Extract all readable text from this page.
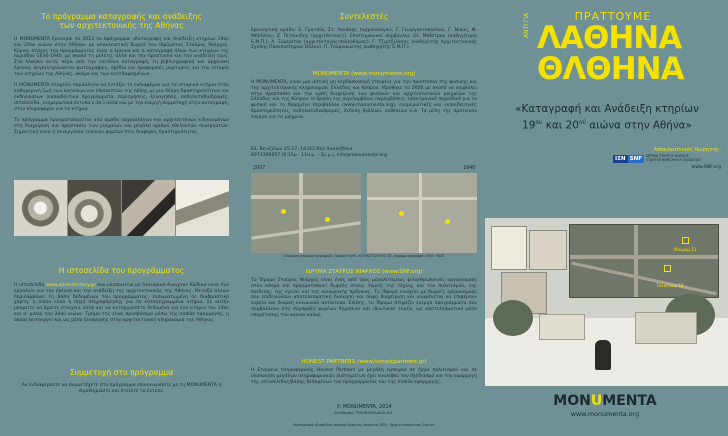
Το πρόγραμμα καταγραφής και ανάδειξης
των αρχιτεκτονικής της Αθήνας

Η MONUMENTA ξεκίνησε το 2013 το πρόγραμμα «Καταγραφή και Ανάδειξη κτηρίων 19ου και 20ου αιώνα στην Αθήνα» με αποκλειστική δωρεά του Ιδρύματος Σταύρος Νιάρχος. Κύριος στόχος του προγράμματος είναι η έρευνα και η καταγραφή όλων των κτηρίων της περιόδου 1830-1940, με σκοπό τη μελέτη, αλλά και την προστασία και την ανάδειξή τους. Στο πλαίσιο αυτό, πέρα από την επιτόπια καταγραφή, τη βιβλιογραφική και αρχειακή έρευνα, συγκεντρώνονται φωτογραφίες, σχέδια και προφορικές μαρτυρίες για την ιστορία των κτηρίων της Αθήνας, ακόμα και των κατεδαφισμένων.

Η MONUMENTA στοχεύει παράλληλα να εντάξει το ενδιαφέρον για τα ιστορικά κτήρια στην καθημερινή ζωή των κατοίκων και επισκεπτών της πόλης με μια δέσμη δραστηριοτήτων και εκδηλώσεων (εκπαιδευτικά προγράμματα, περιηγήσεις, ξεναγήσεις, ποδηλατοδιαδρομές, ιστοσελίδα, ενημερωτικά έντυπα κ.λπ.) αλλά και με την ενεργή συμμετοχή στην καταγραφή, στην πληροφορία για τα κτήρια.

Το πρόγραμμα πραγματοποιείται από ομάδα αρχαιολόγων και αρχιτεκτόνων ειδικευμένων στη διαχείριση και προστασία των μνημείων και μεγάλο αριθμό εθελοντών συνεργατών. Σημαντική είναι η συνεργασία τοπικών φορέων στις διάφορες δραστηριότητες.

Η ιστοσελίδα του προγράμματος

Η ιστοσελίδα www.athenshistory.gr που υλοποιείται με Λογισμικό Ανοιχτού Κώδικα είναι ένα εργαλείο για την έρευνα και την ανάδειξη της αρχιτεκτονικής της Αθήνας. Μεταξύ άλλων περιλαμβάνει τη βάση δεδομένων του προγράμματος, ενσωματωμένη σε διαδραστικό χάρτη, η οποία είναι η πηγή πληροφόρησης για τα καταγεγραμμένα κτήρια. Σε αυτήν μπορείτε να βρείτε στοιχεία αλλά και να καταχωρίσετε δεδομένα για ένα κτήριο του 19ου και α' μισού του 20ού αιώνα. Τμήμα της είναι προσβάσιμο μέσω της mobile εφαρμογής, η οποία λειτουργεί και ως μέσο ξενάγησης στην αρχιτεκτονική κληρονομιά της Αθήνας.

Συμμετοχή στο πρόγραμμα

Αν ενδιαφέρεστε να συμμετέχετε στο πρόγραμμα επικοινωνήστε με τη MONUMENTA ή συμπληρώστε και στείλτε το έντυπο.

Συντελεστές

Ερευνητική ομάδα: Ε. Γρατσία, Στ. Λεκάκης (αρχαιολόγοι), Γ. Γεωργαντοπούλου, Γ. Νίκας, Φ. Μπελλίου, Ζ. Πιτσικίδης (αρχιτέκτονες). Επιστημονικοί σύμβουλοι: Ελ. Μαΐστρου (καθηγήτρια Ε.Μ.Π.), Α. Ξυμερίτου (αρχιτέκτονας-πολεοδόμος), Γ. Τζιρτζιλάκης (καθηγητής Αρχιτεκτονικής Σχολής Πανεπιστημίου Βόλου), Π. Τουρνικιώτης (καθηγητής Ε.Μ.Π.).

MONUMENTA (www.monumenta.org)

Η MONUMENTA, είναι μια αστική μη κερδοσκοπική εταιρεία για την προστασία της φυσικής και της αρχιτεκτονικής κληρονομιάς Ελλάδας και Κύπρου. Ιδρύθηκε το 2006 με σκοπό να συμβάλει στην προστασία και την ορθή διαχείριση των φυσικών και αρχιτεκτονικών μνημείων της Ελλάδας και της Κύπρου. Η δράση της περιλαμβάνει παρεμβάσεις, ηλεκτρονικό περιοδικό για το φυσικό και το δομημένο περιβάλλον (www.monumenta.org), ενημερωτικές και εκπαιδευτικές δραστηριότητες, ποδηλατοδιαδρομές, έκδοση βιβλίων, εκθέσεων κ.ά. Τα μέλη της πρότειναν ενεργά για τα μνημεία.

Ελ. Βενιζέλου 25-27, 14343 Νέα Χαλκηδόνα
6973306857 (6:15μ - 11π.μ. - 2μ.μ.), info@monumenta.org

2007	1940
Σύγκριση αεροφωτογραφιών: Google Earth, ΚΤΗΜΑΤΟΛΟΓΙΟ ΑΕ, αεροφωτογραφία 1940: ΟΚΧΕ

ΙΔΡΥΜΑ ΣΤΑΥΡΟΣ ΝΙΑΡΧΟΣ (www.SNF.org)

Το Ίδρυμα Σταύρος Νιάρχος είναι ένας από τους μεγαλύτερους φιλανθρωπικούς οργανισμούς στον κόσμο και πραγματοποιεί δωρεές στους τομείς της τέχνης και του πολιτισμού, της παιδείας, της υγείας και της κοινωνικής πρόνοιας. Το Ίδρυμα ενισχύει με δωρεές οργανισμούς που επιδεικνύουν αποτελεσματική διοίκηση και σαφή διαχείριση και αναμένεται να επιφέρουν ευρεία και διαρκή κοινωνικό αντίκτυπο. Επίσης, το Ίδρυμα στηρίζει ενεργά προγράμματα που συμβάλλουν στη σύμπραξη φορέων δημόσιου και ιδιωτικού τομέα, ως αποτελεσματικό μέσο υπηρέτησης του κοινού καλού.

HONEST PARTNERS (www.honestpartners.gr)

Η Εταιρεία πληροφορικής Honest Partners με μεγάλη εμπειρία σε έργα πολιτισμού και σε υλοποίηση μεγάλων πληροφοριακών συστημάτων έχει αναλάβει τον σχεδιασμό και την εφαρμογή της ιστοσελίδας/βάσης δεδομένων του προγράμματος και της mobile εφαρμογής.

© MONUMENTA, 2014
Εκτύπωση: ΤΥΠΟΚΥΚΛΑΔΙΚΗ Α.Ε.
Φωτογραφία εξωφύλλου: περιοχή Κυψελου, δεκαετία 1920 · Αρχείο οικογένειας Στηλίου

ΠΡΑΤΤΟΥΜΕ

ΑΝΤΙ ΓΙΑ ΛΑΘΗΝΑ
ΘΛΘΗΝΑ

«Καταγραφή και Ανάδειξη κτηρίων
$19^{o\upsilon}$ και $20^{oύ}$ αιώνα στην Αθήνα»

Αποκλειστικός δωρητής:

ΙΣΝ SNF	ΙΔΡΥΜΑ ΣΤΑΥΡΟΣ ΝΙΑΡΧΟΣ
STAVROS NIARCHOS FOUNDATION
www.SNF.org
Μαυρομ.11
Τσακάλωφ 18
MONUMENTA
www.monumenta.org
